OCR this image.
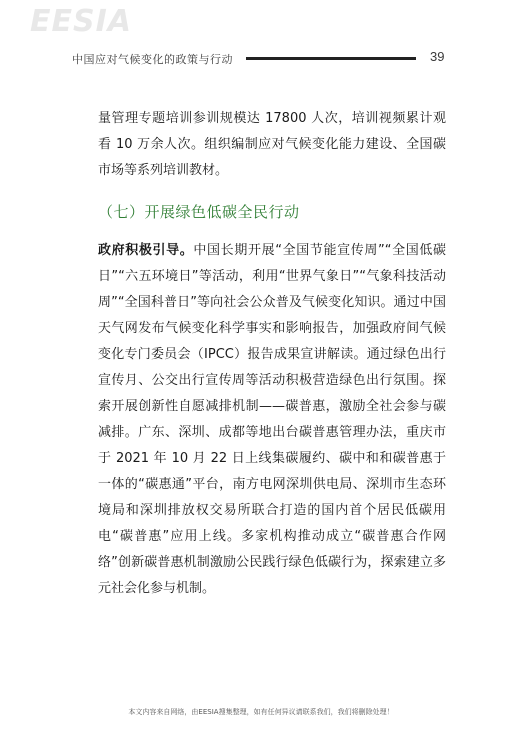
EESIA
中国应对气候变化的政策与行动	39
量管理专题培训参训规模达 17800 人次，培训视频累计观看 10 万余人次。组织编制应对气候变化能力建设、全国碳市场等系列培训教材。
（七）开展绿色低碳全民行动
政府积极引导。中国长期开展“全国节能宣传周”“全国低碳日”“六五环境日”等活动，利用“世界气象日”“气象科技活动周”“全国科普日”等向社会公众普及气候变化知识。通过中国天气网发布气候变化科学事实和影响报告，加强政府间气候变化专门委员会（IPCC）报告成果宣讲解读。通过绿色出行宣传月、公交出行宣传周等活动积极营造绿色出行氛围。探索开展创新性自愿减排机制——碳普惠，激励全社会参与碳减排。广东、深圳、成都等地出台碳普惠管理办法，重庆市于 2021 年 10 月 22 日上线集碳履约、碳中和和碳普惠于一体的“碳惠通”平台，南方电网深圳供电局、深圳市生态环境局和深圳排放权交易所联合打造的国内首个居民低碳用电“碳普惠”应用上线。多家机构推动成立“碳普惠合作网络”创新碳普惠机制激励公民践行绿色低碳行为，探索建立多元社会化参与机制。
本文内容来自网络，由EESIA搜集整理，如有任何异议请联系我们，我们将删除处理！
